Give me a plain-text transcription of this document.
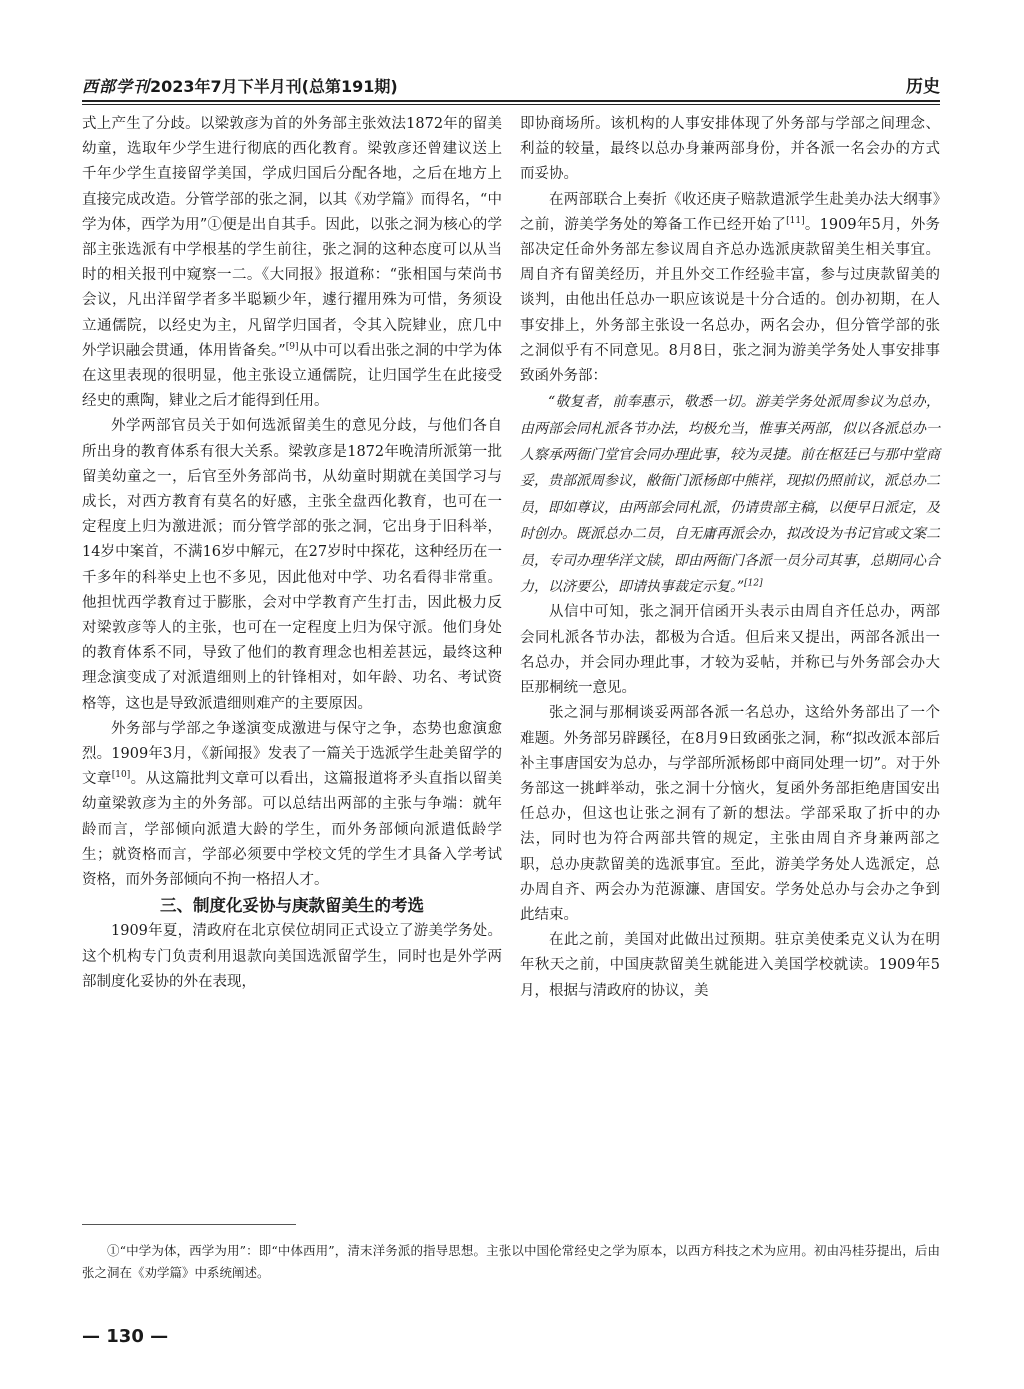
西部学刊2023年7月下半月刊(总第191期)	历史

式上产生了分歧。以梁敦彦为首的外务部主张效法1872年的留美幼童，选取年少学生进行彻底的西化教育。梁敦彦还曾建议送上千年少学生直接留学美国，学成归国后分配各地，之后在地方上直接完成改造。分管学部的张之洞，以其《劝学篇》而得名，“中学为体，西学为用”①便是出自其手。因此，以张之洞为核心的学部主张选派有中学根基的学生前往，张之洞的这种态度可以从当时的相关报刊中窥察一二。《大同报》报道称：“张相国与荣尚书会议，凡出洋留学者多半聪颖少年，遽行擢用殊为可惜，务须设立通儒院，以经史为主，凡留学归国者，令其入院肄业，庶几中外学识融会贯通，体用皆备矣。”[9]从中可以看出张之洞的中学为体在这里表现的很明显，他主张设立通儒院，让归国学生在此接受经史的熏陶，肄业之后才能得到任用。

外学两部官员关于如何选派留美生的意见分歧，与他们各自所出身的教育体系有很大关系。梁敦彦是1872年晚清所派第一批留美幼童之一，后官至外务部尚书，从幼童时期就在美国学习与成长，对西方教育有莫名的好感，主张全盘西化教育，也可在一定程度上归为激进派；而分管学部的张之洞，它出身于旧科举，14岁中案首，不满16岁中解元，在27岁时中探花，这种经历在一千多年的科举史上也不多见，因此他对中学、功名看得非常重。他担忧西学教育过于膨胀，会对中学教育产生打击，因此极力反对梁敦彦等人的主张，也可在一定程度上归为保守派。他们身处的教育体系不同，导致了他们的教育理念也相差甚远，最终这种理念演变成了对派遣细则上的针锋相对，如年龄、功名、考试资格等，这也是导致派遣细则难产的主要原因。

外务部与学部之争遂演变成激进与保守之争，态势也愈演愈烈。1909年3月，《新闻报》发表了一篇关于选派学生赴美留学的文章[10]。从这篇批判文章可以看出，这篇报道将矛头直指以留美幼童梁敦彦为主的外务部。可以总结出两部的主张与争端：就年龄而言，学部倾向派遣大龄的学生，而外务部倾向派遣低龄学生；就资格而言，学部必须要中学校文凭的学生才具备入学考试资格，而外务部倾向不拘一格招人才。

三、制度化妥协与庚款留美生的考选

1909年夏，清政府在北京侯位胡同正式设立了游美学务处。这个机构专门负责利用退款向美国选派留学生，同时也是外学两部制度化妥协的外在表现，

即协商场所。该机构的人事安排体现了外务部与学部之间理念、利益的较量，最终以总办身兼两部身份，并各派一名会办的方式而妥协。

在两部联合上奏折《收还庚子赔款遣派学生赴美办法大纲事》之前，游美学务处的筹备工作已经开始了[11]。1909年5月，外务部决定任命外务部左参议周自齐总办选派庚款留美生相关事宜。周自齐有留美经历，并且外交工作经验丰富，参与过庚款留美的谈判，由他出任总办一职应该说是十分合适的。创办初期，在人事安排上，外务部主张设一名总办，两名会办，但分管学部的张之洞似乎有不同意见。8月8日，张之洞为游美学务处人事安排事致函外务部：

“敬复者，前奉惠示，敬悉一切。游美学务处派周参议为总办，由两部会同札派各节办法，均极允当，惟事关两部，似以各派总办一人察承两衙门堂官会同办理此事，较为灵捷。前在枢廷已与那中堂商妥，贵部派周参议，敝衙门派杨郎中熊祥，现拟仍照前议，派总办二员，即如尊议，由两部会同札派，仍请贵部主稿，以便早日派定，及时创办。既派总办二员，自无庸再派会办，拟改设为书记官或文案二员，专司办理华洋文牍，即由两衙门各派一员分司其事，总期同心合力，以济要公，即请执事裁定示复。”[12]

从信中可知，张之洞开信函开头表示由周自齐任总办，两部会同札派各节办法，都极为合适。但后来又提出，两部各派出一名总办，并会同办理此事，才较为妥帖，并称已与外务部会办大臣那桐统一意见。

张之洞与那桐谈妥两部各派一名总办，这给外务部出了一个难题。外务部另辟蹊径，在8月9日致函张之洞，称“拟改派本部后补主事唐国安为总办，与学部所派杨郎中商同处理一切”。对于外务部这一挑衅举动，张之洞十分恼火，复函外务部拒绝唐国安出任总办，但这也让张之洞有了新的想法。学部采取了折中的办法，同时也为符合两部共管的规定，主张由周自齐身兼两部之职，总办庚款留美的选派事宜。至此，游美学务处人选派定，总办周自齐、两会办为范源濂、唐国安。学务处总办与会办之争到此结束。

在此之前，美国对此做出过预期。驻京美使柔克义认为在明年秋天之前，中国庚款留美生就能进入美国学校就读。1909年5月，根据与清政府的协议，美

①“中学为体，西学为用”：即“中体西用”，清末洋务派的指导思想。主张以中国伦常经史之学为原本，以西方科技之术为应用。初由冯桂芬提出，后由张之洞在《劝学篇》中系统阐述。
— 130 —
